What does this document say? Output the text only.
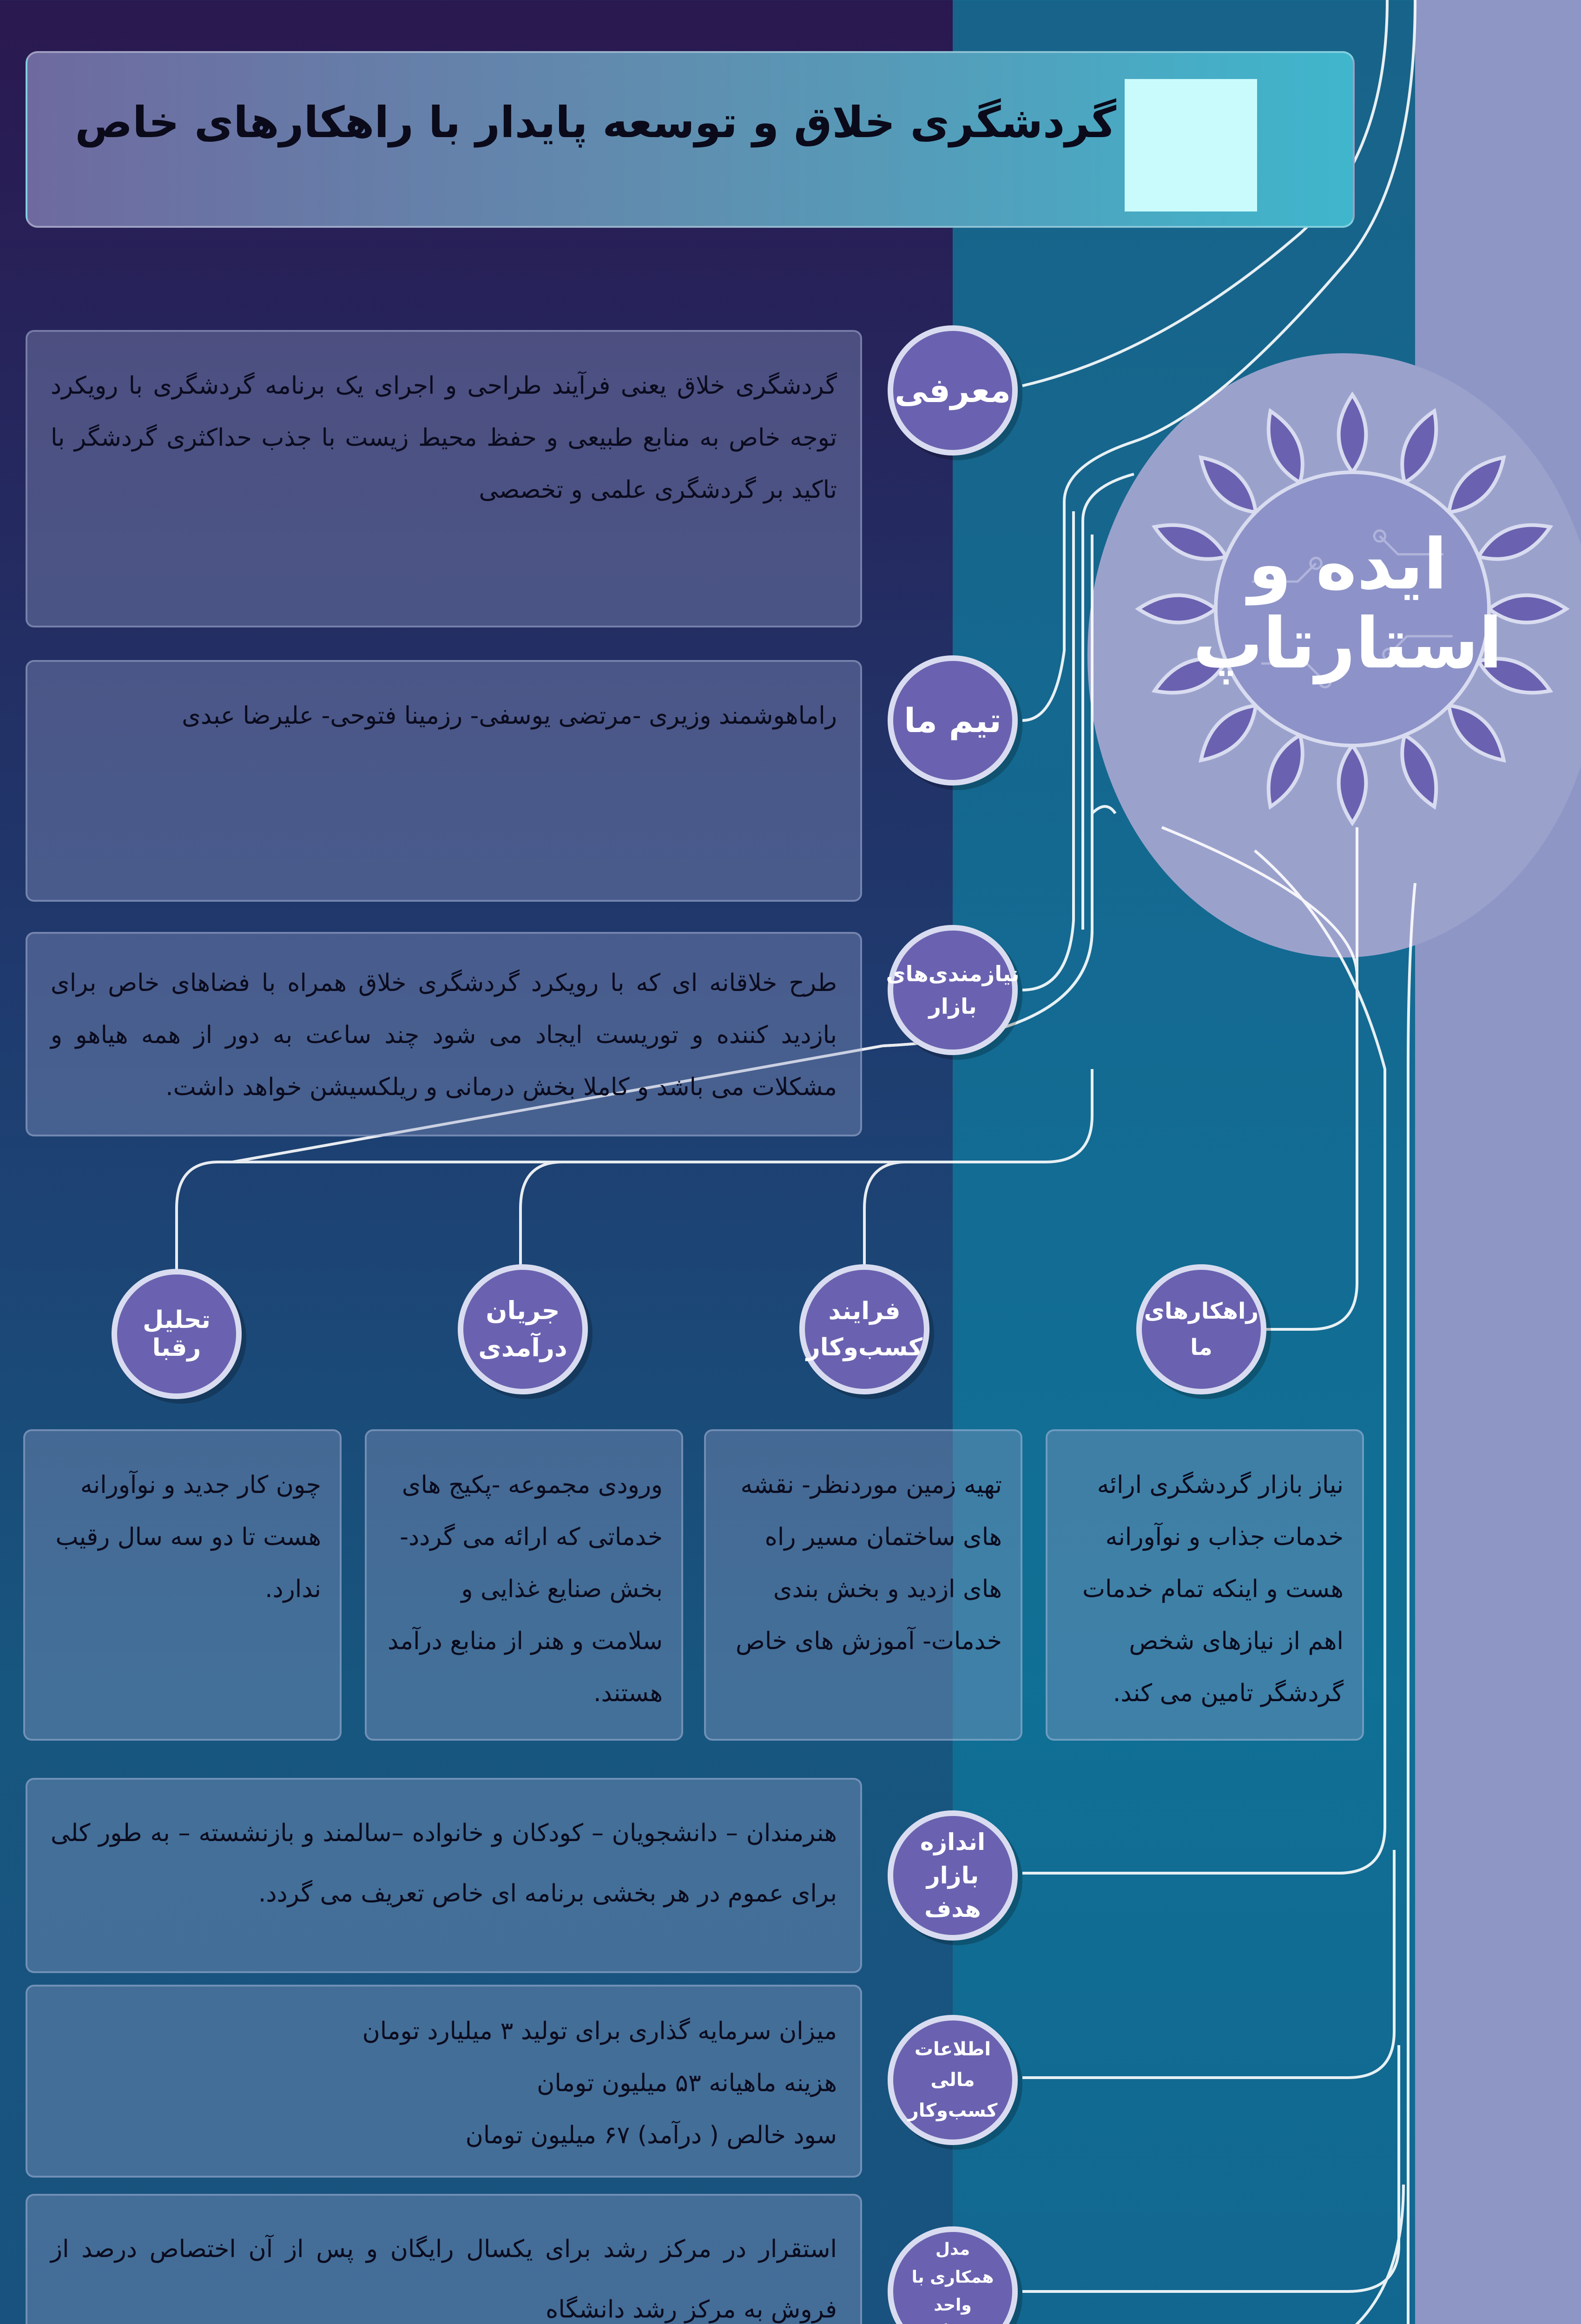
گردشگری خلاق و توسعه پایدار با راهکارهای خاص
ایده و
استارتاپ
گردشگری خلاق یعنی فرآیند طراحی و اجرای یک برنامه گردشگری با رویکرد توجه خاص به منابع طبیعی و حفظ محیط زیست با جذب حداکثری گردشگر با تاکید بر گردشگری علمی و تخصصی
معرفی
راماهوشمند وزیری -مرتضی یوسفی- رزمینا فتوحی- علیرضا عبدی تیم ما
طرح خلاقانه ای که با رویکرد گردشگری خلاق همراه با فضاهای خاص برای بازدید کننده و توریست ایجاد می شود چند ساعت به دور از همه هیاهو و مشکلات می باشد و کاملا بخش درمانی و ریلکسیشن خواهد داشت.
نیازمندی‌های بازار
تحلیل رقبا
جریان درآمدی
فرایند کسب‌وکار
راهکارهای ما
چون کار جدید و نوآورانه هست تا دو سه سال رقیب ندارد.
ورودی مجموعه -پکیج های خدماتی که ارائه می گردد- بخش صنایع غذایی و سلامت و هنر از منابع درآمد هستند.
تهیه زمین موردنظر- نقشه های ساختمان مسیر راه های ازدید و بخش بندی خدمات- آموزش های خاص
نیاز بازار گردشگری ارائه خدمات جذاب و نوآورانه هست و اینکه تمام خدمات اهم از نیازهای شخص گردشگر تامین می کند.
هنرمندان – دانشجویان – کودکان و خانواده –سالمند و بازنشسته – به طور کلی برای عموم در هر بخشی برنامه ای خاص تعریف می گردد.
اندازه بازار هدف
میزان سرمایه گذاری برای تولید ۳ میلیارد تومان
هزینه ماهیانه ۵۳ میلیون تومان
سود خالص ( درآمد) ۶۷ میلیون تومان
اطلاعات مالی کسب‌وکار
استقرار در مرکز رشد برای یکسال رایگان و پس از آن اختصاص درصد از فروش به مرکز رشد دانشگاه
مدل همکاری با واحد
